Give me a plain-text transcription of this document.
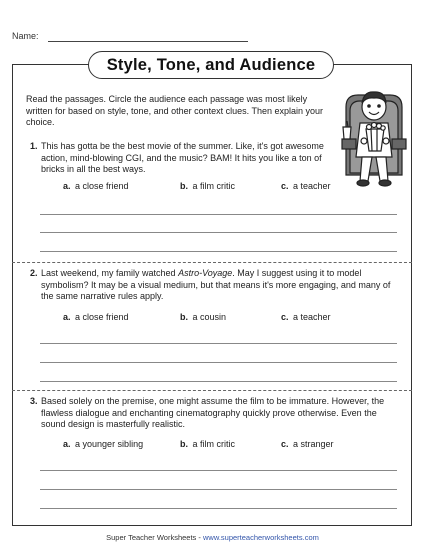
Name:
Style, Tone, and Audience
Read the passages. Circle the audience each passage was most likely written for based on style, tone, and other context clues. Then explain your choice.
1. This has gotta be the best movie of the summer. Like, it's got awesome action, mind-blowing CGI, and the music? BAM! It hits you like a ton of bricks in all the best ways.
a. a close friend	b. a film critic	c. a teacher
2. Last weekend, my family watched Astro-Voyage. May I suggest using it to model symbolism? It may be a visual medium, but that means it's more engaging, and many of the same narrative rules apply.
a. a close friend	b. a cousin	c. a teacher
3. Based solely on the premise, one might assume the film to be immature. However, the flawless dialogue and enchanting cinematography quickly prove otherwise. Even the sound design is masterfully realistic.
a. a younger sibling	b. a film critic	c. a stranger
Super Teacher Worksheets - www.superteacherworksheets.com
